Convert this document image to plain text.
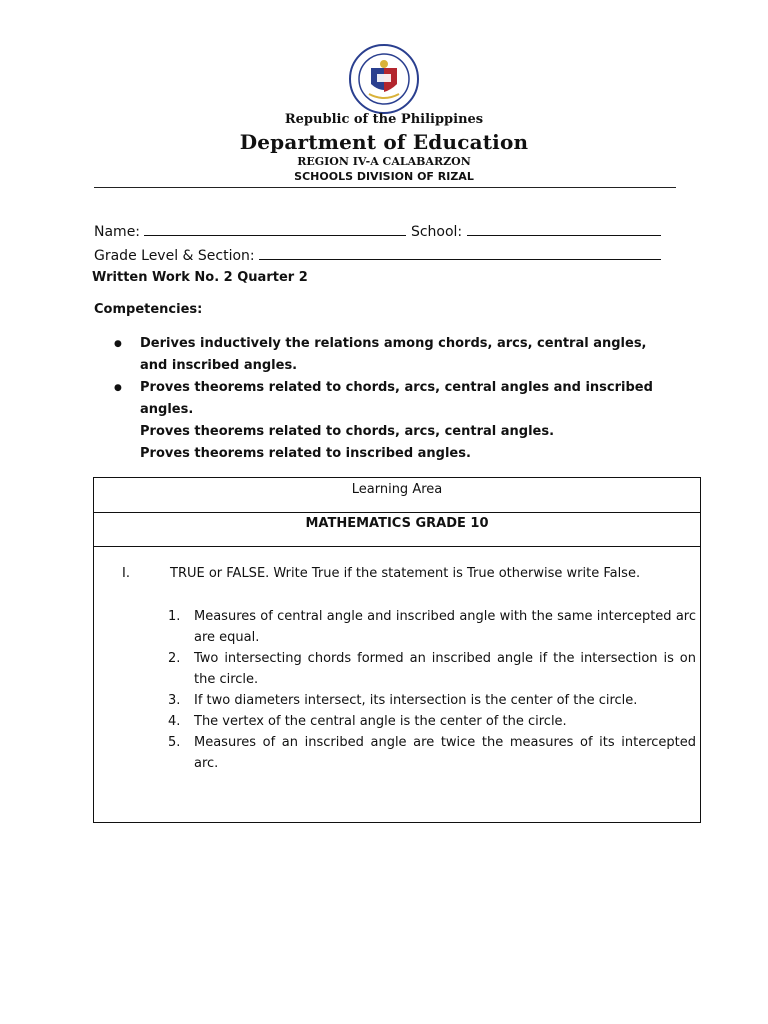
Republic of the Philippines
Department of Education
REGION IV-A CALABARZON
SCHOOLS DIVISION OF RIZAL
Name:	School:
Grade Level & Section:
Written Work No. 2 Quarter 2
Competencies:
● Derives inductively the relations among chords, arcs, central angles, and inscribed angles.
● Proves theorems related to chords, arcs, central angles and inscribed angles.
Proves theorems related to chords, arcs, central angles.
Proves theorems related to inscribed angles.
Learning Area
MATHEMATICS GRADE 10
I.	TRUE or FALSE. Write True if the statement is True otherwise write False.
1. Measures of central angle and inscribed angle with the same intercepted arc are equal.
2. Two intersecting chords formed an inscribed angle if the intersection is on the circle.
3. If two diameters intersect, its intersection is the center of the circle.
4. The vertex of the central angle is the center of the circle.
5. Measures of an inscribed angle are twice the measures of its intercepted arc.
